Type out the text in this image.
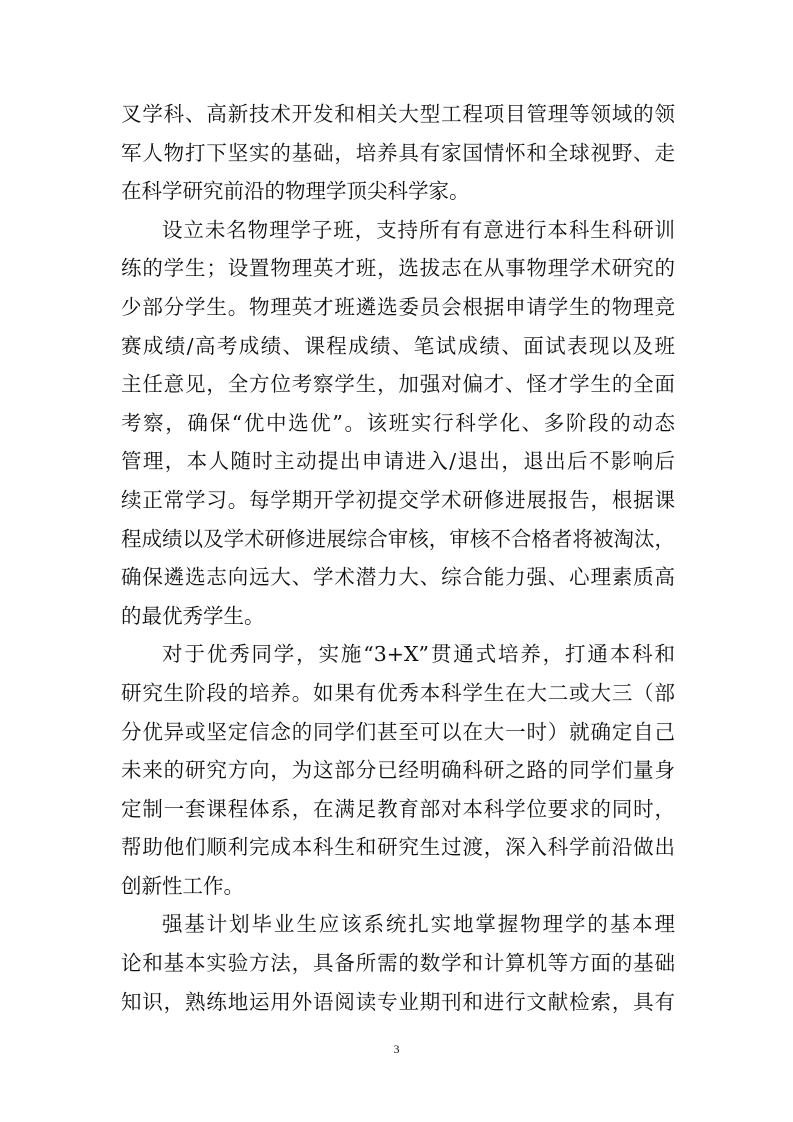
叉学科、高新技术开发和相关大型工程项目管理等领域的领
军人物打下坚实的基础，培养具有家国情怀和全球视野、走
在科学研究前沿的物理学顶尖科学家。
设立未名物理学子班，支持所有有意进行本科生科研训
练的学生；设置物理英才班，选拔志在从事物理学术研究的
少部分学生。物理英才班遴选委员会根据申请学生的物理竞
赛成绩/高考成绩、课程成绩、笔试成绩、面试表现以及班
主任意见，全方位考察学生，加强对偏才、怪才学生的全面
考察，确保“优中选优”。该班实行科学化、多阶段的动态
管理，本人随时主动提出申请进入/退出，退出后不影响后
续正常学习。每学期开学初提交学术研修进展报告，根据课
程成绩以及学术研修进展综合审核，审核不合格者将被淘汰，
确保遴选志向远大、学术潜力大、综合能力强、心理素质高
的最优秀学生。
对于优秀同学，实施“3+X”贯通式培养，打通本科和
研究生阶段的培养。如果有优秀本科学生在大二或大三（部
分优异或坚定信念的同学们甚至可以在大一时）就确定自己
未来的研究方向，为这部分已经明确科研之路的同学们量身
定制一套课程体系，在满足教育部对本科学位要求的同时，
帮助他们顺利完成本科生和研究生过渡，深入科学前沿做出
创新性工作。
强基计划毕业生应该系统扎实地掌握物理学的基本理
论和基本实验方法，具备所需的数学和计算机等方面的基础
知识，熟练地运用外语阅读专业期刊和进行文献检索，具有
3
